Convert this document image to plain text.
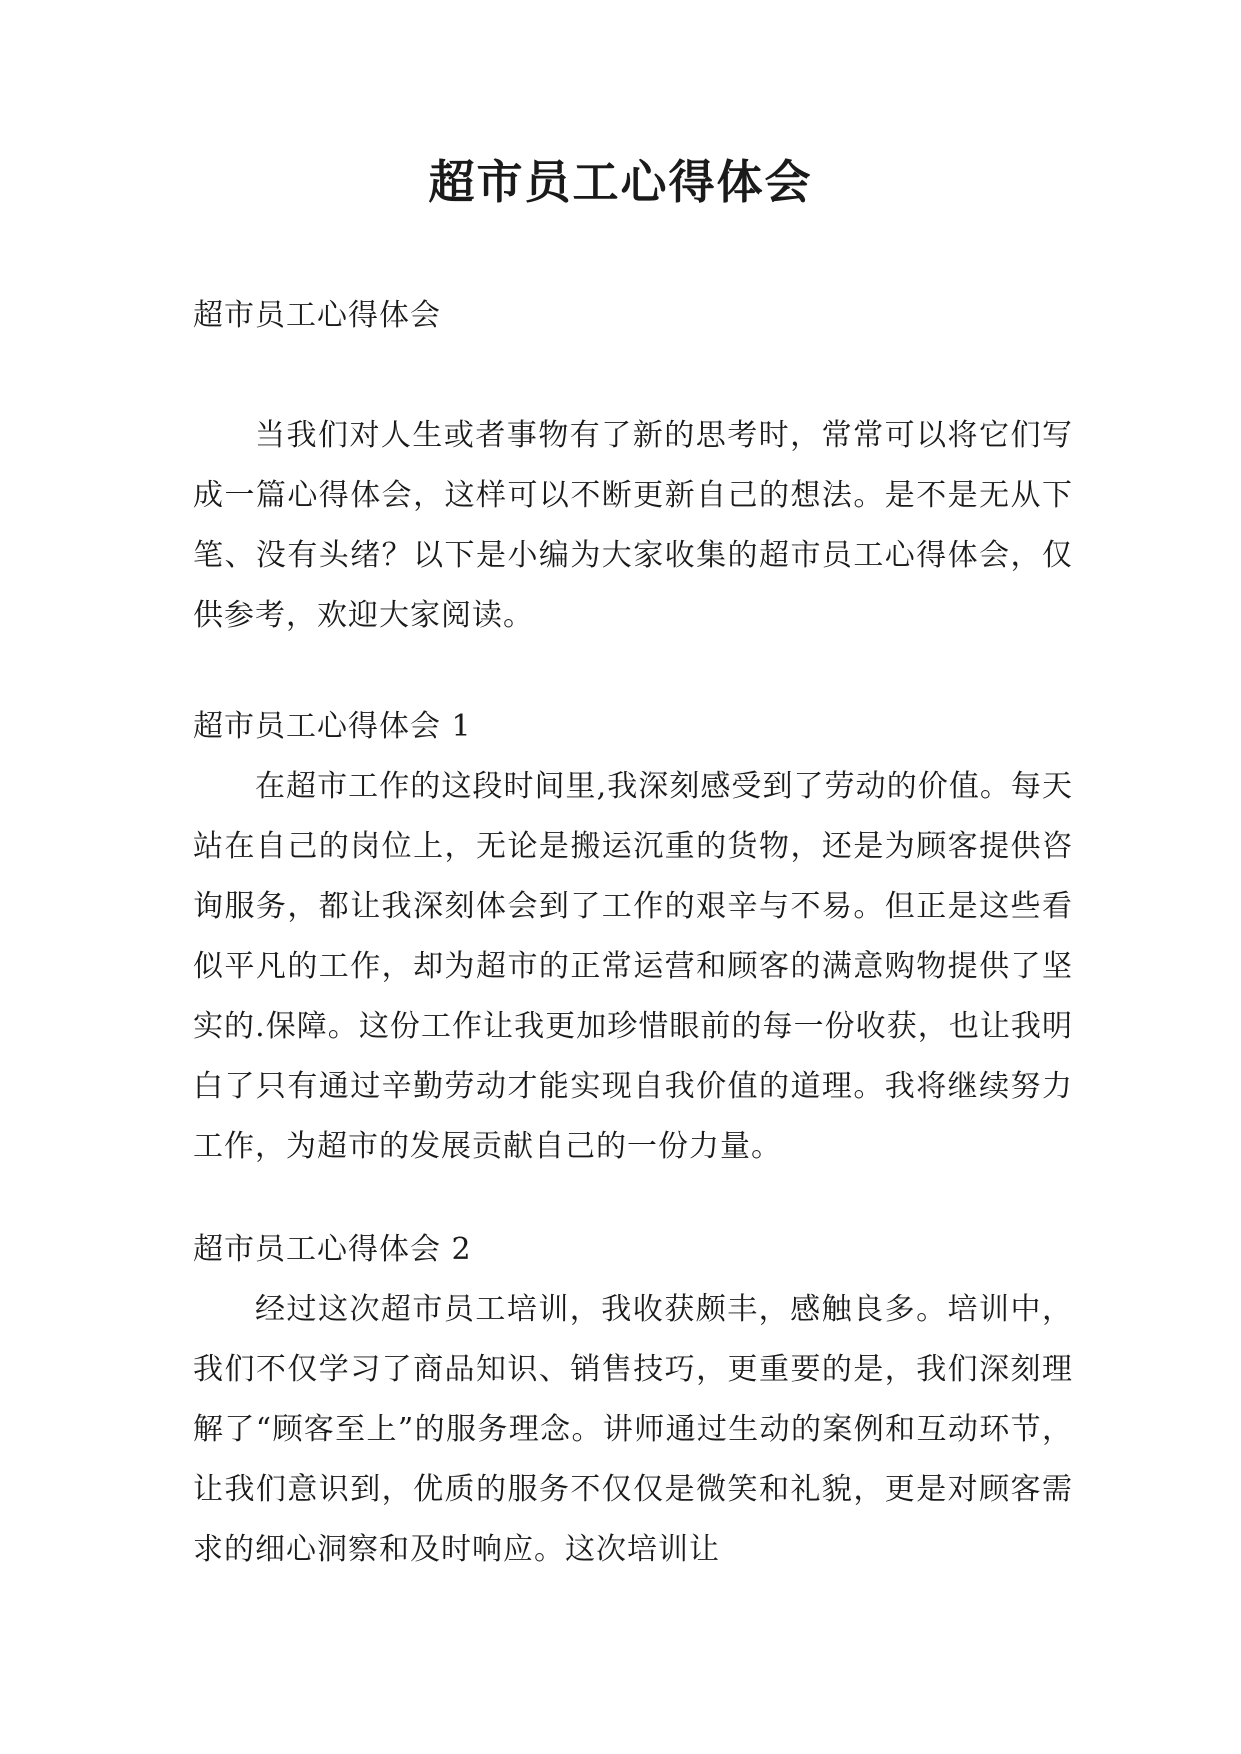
超市员工心得体会
超市员工心得体会
当我们对人生或者事物有了新的思考时，常常可以将它们写成一篇心得体会，这样可以不断更新自己的想法。是不是无从下笔、没有头绪？以下是小编为大家收集的超市员工心得体会，仅供参考，欢迎大家阅读。
超市员工心得体会 1
在超市工作的这段时间里,我深刻感受到了劳动的价值。每天站在自己的岗位上，无论是搬运沉重的货物，还是为顾客提供咨询服务，都让我深刻体会到了工作的艰辛与不易。但正是这些看似平凡的工作，却为超市的正常运营和顾客的满意购物提供了坚实的.保障。这份工作让我更加珍惜眼前的每一份收获，也让我明白了只有通过辛勤劳动才能实现自我价值的道理。我将继续努力工作，为超市的发展贡献自己的一份力量。
超市员工心得体会 2
经过这次超市员工培训，我收获颇丰，感触良多。培训中，我们不仅学习了商品知识、销售技巧，更重要的是，我们深刻理解了“顾客至上”的服务理念。讲师通过生动的案例和互动环节，让我们意识到，优质的服务不仅仅是微笑和礼貌，更是对顾客需求的细心洞察和及时响应。这次培训让
